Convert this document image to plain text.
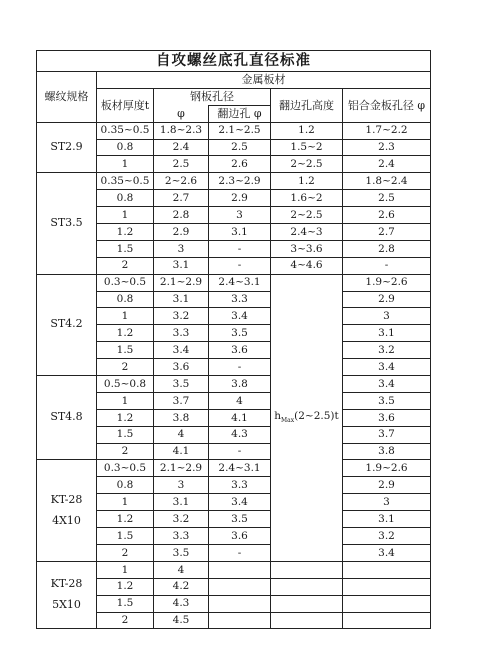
自攻螺丝底孔直径标准					
螺纹规格	金属板材				
	板材厚度t	钢板孔径		翻边孔高度	铝合金板孔径 φ
		φ	翻边孔 φ		
ST2.9	0.35~0.5	1.8~2.3	2.1~2.5	1.2	1.7~2.2
	0.8	2.4	2.5	1.5~2	2.3
	1	2.5	2.6	2~2.5	2.4
ST3.5	0.35~0.5	2~2.6	2.3~2.9	1.2	1.8~2.4
	0.8	2.7	2.9	1.6~2	2.5
	1	2.8	3	2~2.5	2.6
	1.2	2.9	3.1	2.4~3	2.7
	1.5	3	-	3~3.6	2.8
	2	3.1	-	4~4.6	-
ST4.2	0.3~0.5	2.1~2.9	2.4~3.1	$h_{Max}(2\sim 2.5)t$	1.9~2.6
	0.8	3.1	3.3		2.9
	1	3.2	3.4		3
	1.2	3.3	3.5		3.1
	1.5	3.4	3.6		3.2
	2	3.6	-		3.4
ST4.8	0.5~0.8	3.5	3.8		3.4
	1	3.7	4		3.5
	1.2	3.8	4.1		3.6
	1.5	4	4.3		3.7
	2	4.1	-		3.8
KT-28
4X10	0.3~0.5	2.1~2.9	2.4~3.1		1.9~2.6
	0.8	3	3.3		2.9
	1	3.1	3.4		3
	1.2	3.2	3.5		3.1
	1.5	3.3	3.6		3.2
	2	3.5	-		3.4
KT-28
5X10	1	4			
	1.2	4.2			
	1.5	4.3			
	2	4.5			
